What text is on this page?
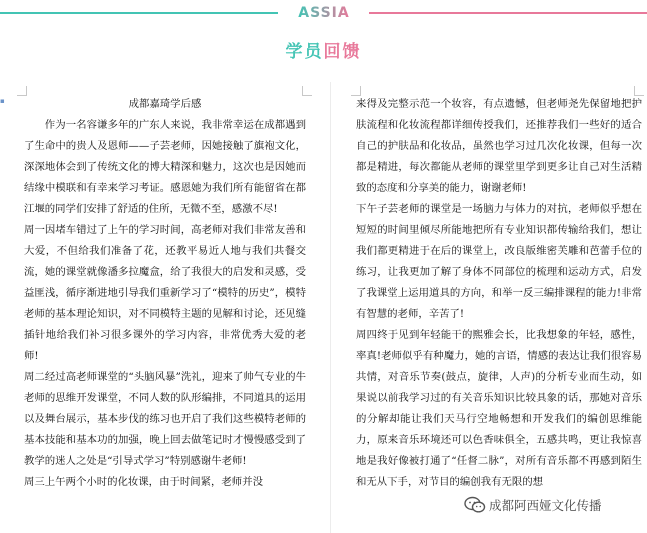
ASSIA
学员回馈
▪	成都嘉琦学后感

作为一名容谦多年的广东人来说，我非常幸运在成都遇到了生命中的贵人及恩师——子芸老师，因她接触了旗袍文化，深深地体会到了传统文化的博大精深和魅力，这次也是因她而结缘中模联和有幸来学习考证。感恩她为我们所有能留省在都江堰的同学们安排了舒适的住所，无微不至，感激不尽!

周一因堵车错过了上午的学习时间，高老师对我们非常友善和大爱，不但给我们准备了花，还教平易近人地与我们共餐交流，她的课堂就像潘多拉魔盒，给了我很大的启发和灵感，受益匪浅，循序渐进地引导我们重新学习了“模特的历史”，模特老师的基本理论知识，对不同模特主题的见解和讨论，还见缝插针地给我们补习很多课外的学习内容，非常优秀大爱的老师!

周二经过高老师课堂的“头脑风暴”洗礼，迎来了帅气专业的牛老师的思维开发课堂，不同人数的队形编排，不同道具的运用以及舞台展示，基本步伐的练习也开启了我们这些模特老师的基本技能和基本功的加强，晚上回去做笔记时才慢慢感受到了教学的迷人之处是“引导式学习”特别感谢牛老师!

周三上午两个小时的化妆课，由于时间紧，老师并没

来得及完整示范一个妆容，有点遗憾，但老师尧先保留地把护肤流程和化妆流程都详细传授我们，还推荐我们一些好的适合自己的护肤品和化妆品，虽然也学习过几次化妆课，但每一次都是精进，每次都能从老师的课堂里学到更多让自己对生活精致的态度和分享美的能力，谢谢老师!

下午子芸老师的课堂是一场脑力与体力的对抗，老师似乎想在短短的时间里倾尽所能地把所有专业知识都传输给我们，想让我们都更精进于在后的课堂上，改良版维密芙雕和芭蕾手位的练习，让我更加了解了身体不同部位的梳理和运动方式，启发了我课堂上运用道具的方向，和举一反三编排课程的能力!非常有智慧的老师，辛苦了!

周四终于见到年轻能干的熙雅会长，比我想象的年轻，感性，率真!老师似乎有种魔力，她的言语，情感的表达让我们很容易共情，对音乐节奏(鼓点，旋律，人声)的分析专业而生动，如果说以前我学习过的有关音乐知识比较具象的话，那她对音乐的分解却能让我们天马行空地畅想和开发我们的编创思维能力，原来音乐环境还可以色香味俱全，五感共鸣，更让我惊喜地是我好像被打通了“任督二脉”，对所有音乐都不再感到陌生和无从下手，对节目的编创我有无限的想

成都阿西娅文化传播
